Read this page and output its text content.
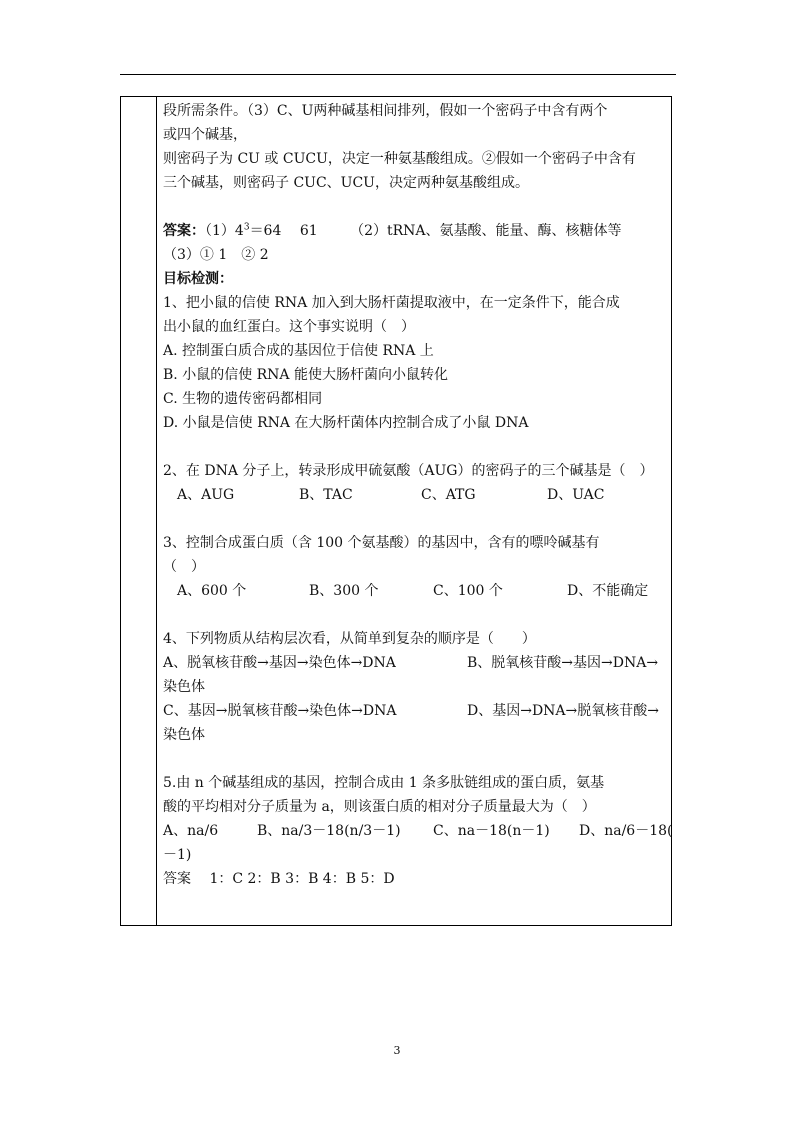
段所需条件。（3）C、U两种碱基相间排列，假如一个密码子中含有两个
或四个碱基，
则密码子为 CU 或 CUCU，决定一种氨基酸组成。②假如一个密码子中含有
三个碱基，则密码子 CUC、UCU，决定两种氨基酸组成。
答案：$(1)4^3=64$　 61　　 （2）tRNA、氨基酸、能量、酶、核糖体等
（3）① 1　② 2
目标检测：
1、把小鼠的信使 RNA 加入到大肠杆菌提取液中，在一定条件下，能合成
出小鼠的血红蛋白。这个事实说明（　）
A. 控制蛋白质合成的基因位于信使 RNA 上
B. 小鼠的信使 RNA 能使大肠杆菌向小鼠转化
C. 生物的遗传密码都相同
D. 小鼠是信使 RNA 在大肠杆菌体内控制合成了小鼠 DNA
2、在 DNA 分子上，转录形成甲硫氨酸（AUG）的密码子的三个碱基是（　）
A、AUG	B、TAC	C、ATG	D、UAC
3、控制合成蛋白质（含 100 个氨基酸）的基因中，含有的嘌呤碱基有
（　）
A、600 个	B、300 个	C、100 个	D、不能确定
4、下列物质从结构层次看，从简单到复杂的顺序是（　　）
A、脱氧核苷酸→基因→染色体→DNA	B、脱氧核苷酸→基因→DNA→
染色体
C、基因→脱氧核苷酸→染色体→DNA	D、基因→DNA→脱氧核苷酸→
染色体
5.由 n 个碱基组成的基因，控制合成由 1 条多肽链组成的蛋白质，氨基
酸的平均相对分子质量为 a，则该蛋白质的相对分子质量最大为（　）
A、na/6	B、na/3－18(n/3－1) C、na－18(n－1) D、na/6－18(
－1)
答案　 1：C 2：B 3：B 4：B 5：D
3
